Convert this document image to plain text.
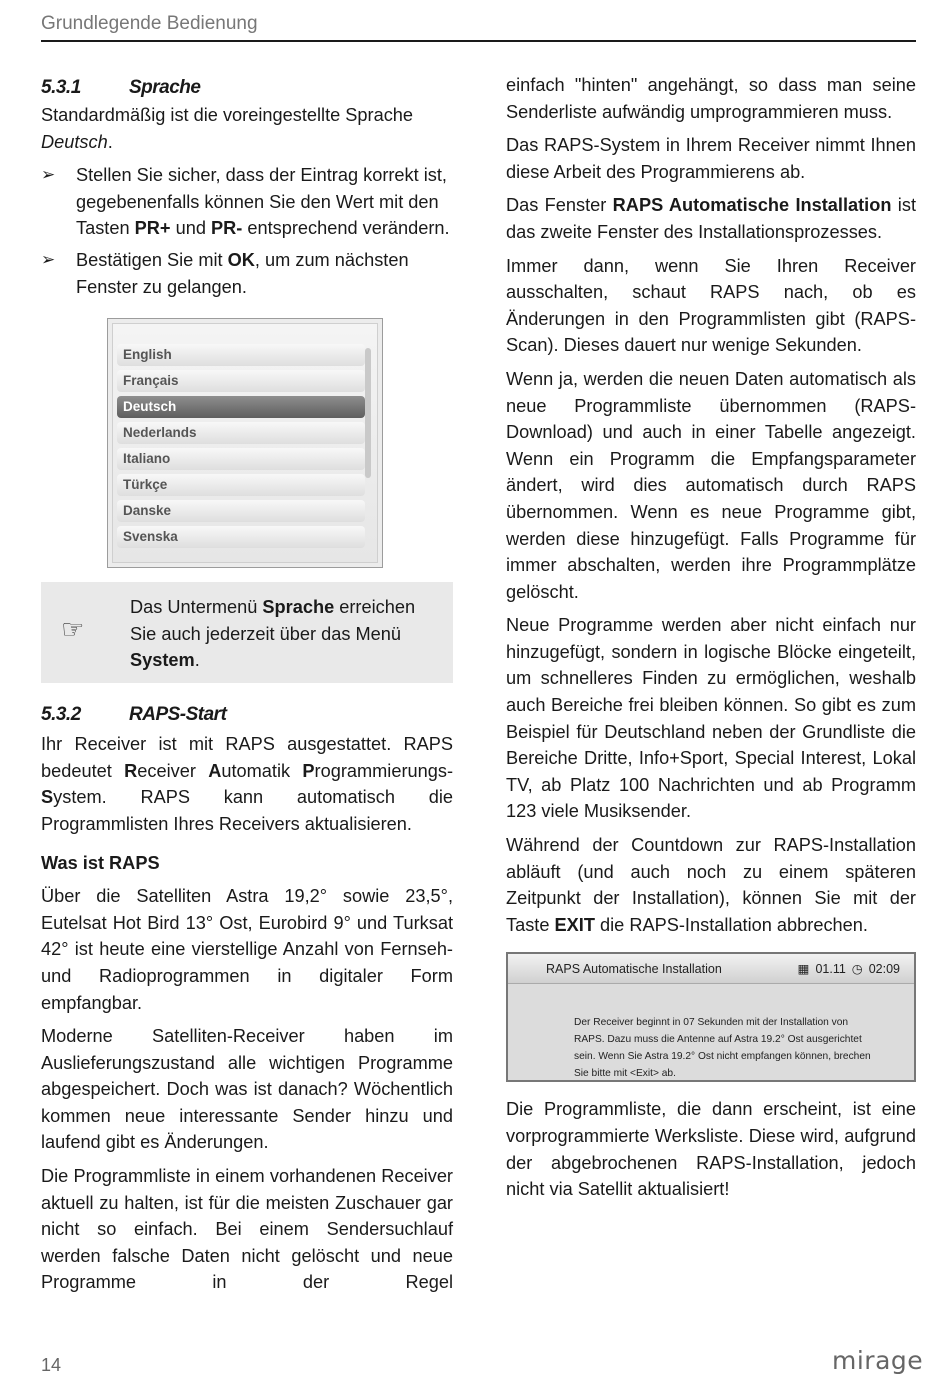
Grundlegende Bedienung
5.3.1	Sprache

Standardmäßig ist die voreingestellte Sprache Deutsch.

➢ Stellen Sie sicher, dass der Eintrag korrekt ist, gegebenenfalls können Sie den Wert mit den Tasten PR+ und PR- entsprechend verändern.
➢ Bestätigen Sie mit OK, um zum nächsten Fenster zu gelangen.
English
Français
Deutsch
Nederlands
Italiano
Türkçe
Danske
Svenska
☞
Das Untermenü Sprache erreichen Sie auch jederzeit über das Menü System.
5.3.2	RAPS-Start

Ihr Receiver ist mit RAPS ausgestattet. RAPS bedeutet Receiver Automatik Programmierungs-System. RAPS kann automatisch die Programmlisten Ihres Receivers aktualisieren.

Was ist RAPS

Über die Satelliten Astra 19,2° sowie 23,5°, Eutelsat Hot Bird 13° Ost, Eurobird 9° und Turksat 42° ist heute eine vierstellige Anzahl von Fernseh- und Radioprogrammen in digitaler Form empfangbar.

Moderne Satelliten-Receiver haben im Auslieferungszustand alle wichtigen Programme abgespeichert. Doch was ist danach? Wöchentlich kommen neue interessante Sender hinzu und laufend gibt es Änderungen.

Die Programmliste in einem vorhandenen Receiver aktuell zu halten, ist für die meisten Zuschauer gar nicht so einfach. Bei einem Sendersuchlauf werden falsche Daten nicht gelöscht und neue Programme in der Regel

einfach "hinten" angehängt, so dass man seine Senderliste aufwändig umprogrammieren muss.

Das RAPS-System in Ihrem Receiver nimmt Ihnen diese Arbeit des Programmierens ab.

Das Fenster RAPS Automatische Installation ist das zweite Fenster des Installationsprozesses.

Immer dann, wenn Sie Ihren Receiver ausschalten, schaut RAPS nach, ob es Änderungen in den Programmlisten gibt (RAPS-Scan). Dieses dauert nur wenige Sekunden.

Wenn ja, werden die neuen Daten automatisch als neue Programmliste übernommen (RAPS-Download) und auch in einer Tabelle angezeigt. Wenn ein Programm die Empfangsparameter ändert, wird dies automatisch durch RAPS übernommen. Wenn es neue Programme gibt, werden diese hinzugefügt. Falls Programme für immer abschalten, werden ihre Programmplätze gelöscht.

Neue Programme werden aber nicht einfach nur hinzugefügt, sondern in logische Blöcke eingeteilt, um schnelleres Finden zu ermöglichen, weshalb auch Bereiche frei bleiben können. So gibt es zum Beispiel für Deutschland neben der Grundliste die Bereiche Dritte, Info+Sport, Special Interest, Lokal TV, ab Platz 100 Nachrichten und ab Programm 123 viele Musiksender.

Während der Countdown zur RAPS-Installation abläuft (und auch noch zu einem späteren Zeitpunkt der Installation), können Sie mit der Taste EXIT die RAPS-Installation abbrechen.

RAPS Automatische Installation	▦ 01.11 ◷ 02:09
Der Receiver beginnt in 07 Sekunden mit der Installation von RAPS. Dazu muss die Antenne auf Astra 19.2° Ost ausgerichtet sein. Wenn Sie Astra 19.2° Ost nicht empfangen können, brechen Sie bitte mit <Exit> ab.

Die Programmliste, die dann erscheint, ist eine vorprogrammierte Werksliste. Diese wird, aufgrund der abgebrochenen RAPS-Installation, jedoch nicht via Satellit aktualisiert!

14	mirage
